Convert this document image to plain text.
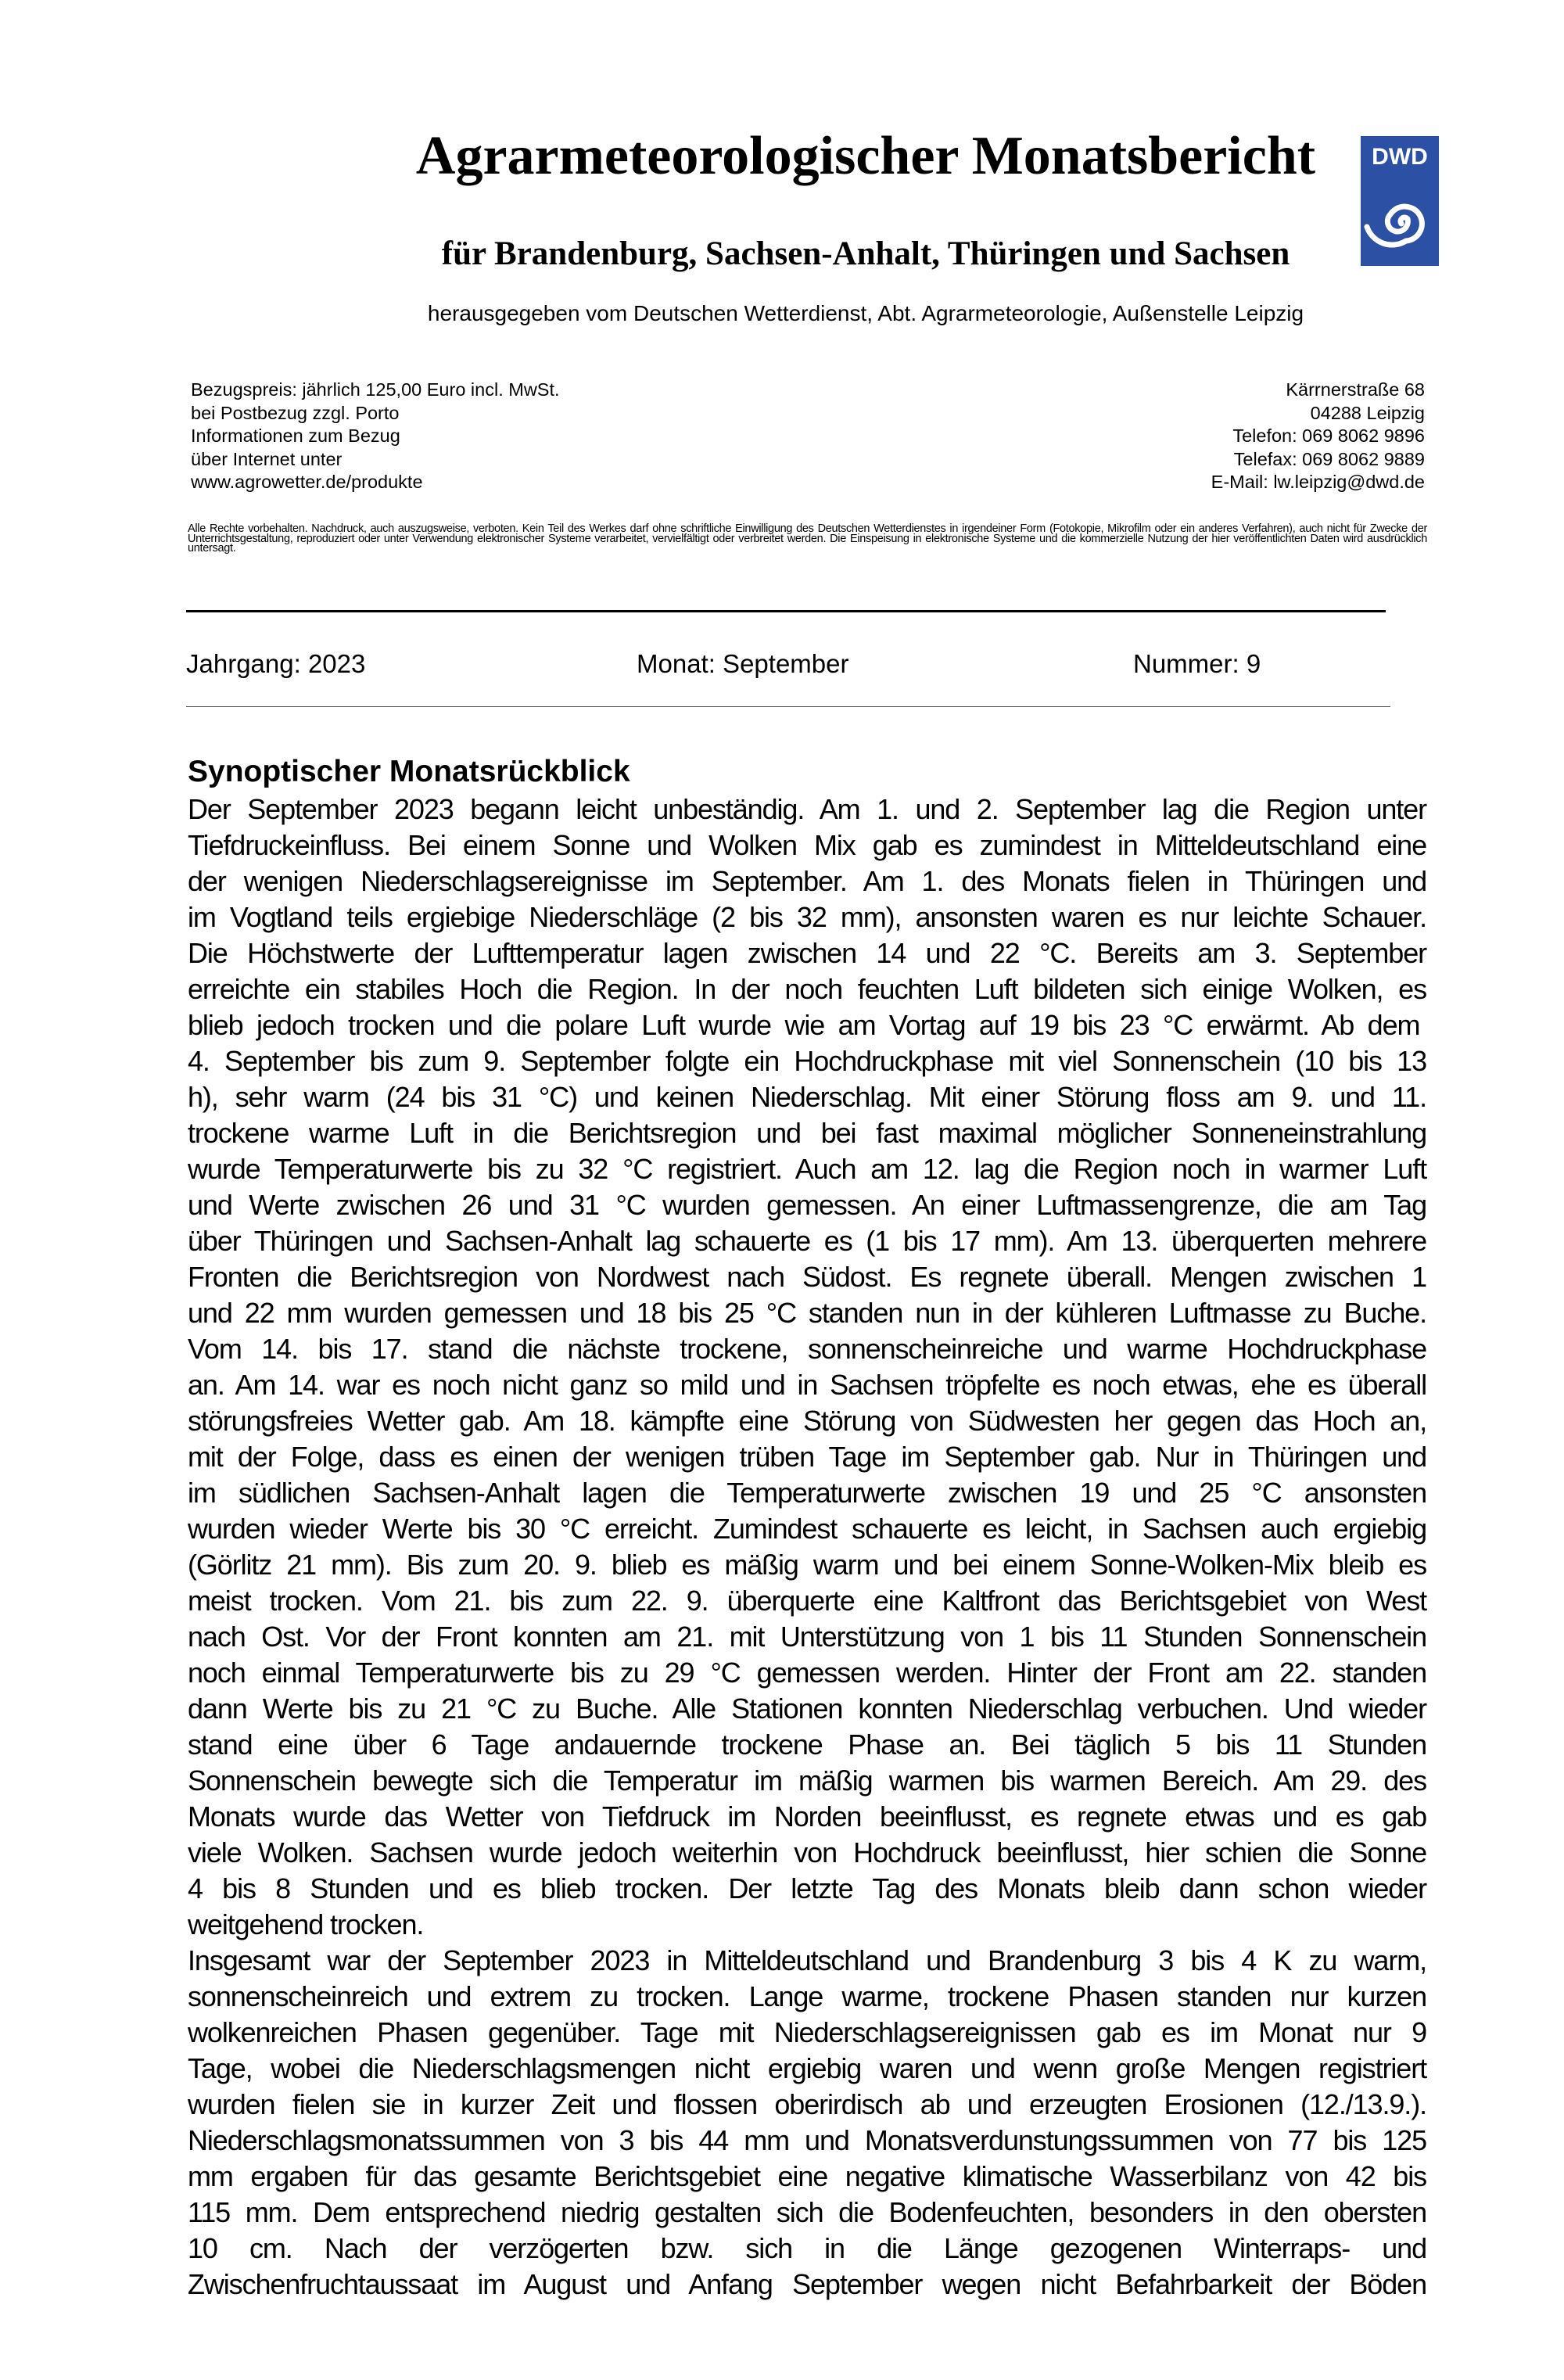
Agrarmeteorologischer Monatsbericht
für Brandenburg, Sachsen-Anhalt, Thüringen und Sachsen
herausgegeben vom Deutschen Wetterdienst, Abt. Agrarmeteorologie, Außenstelle Leipzig
DWD
Bezugspreis: jährlich 125,00 Euro incl. MwSt.
bei Postbezug zzgl. Porto
Informationen zum Bezug
über Internet unter
www.agrowetter.de/produkte
Kärrnerstraße 68
04288 Leipzig
Telefon: 069 8062 9896
Telefax: 069 8062 9889
E-Mail: lw.leipzig@dwd.de
Alle Rechte vorbehalten. Nachdruck, auch auszugsweise, verboten. Kein Teil des Werkes darf ohne schriftliche Einwilligung des Deutschen Wetterdienstes in irgendeiner Form (Fotokopie, Mikrofilm oder ein anderes Verfahren), auch nicht für Zwecke der Unterrichtsgestaltung, reproduziert oder unter Verwendung elektronischer Systeme verarbeitet, vervielfältigt oder verbreitet werden. Die Einspeisung in elektronische Systeme und die kommerzielle Nutzung der hier veröffentlichten Daten wird ausdrücklich untersagt.
Jahrgang: 2023	Monat: September	Nummer: 9
Synoptischer Monatsrückblick
Der September 2023 begann leicht unbeständig. Am 1. und 2. September lag die Region unter
Tiefdruckeinfluss. Bei einem Sonne und Wolken Mix gab es zumindest in Mitteldeutschland eine
der wenigen Niederschlagsereignisse im September. Am 1. des Monats fielen in Thüringen und
im Vogtland teils ergiebige Niederschläge (2 bis 32 mm), ansonsten waren es nur leichte Schauer.
Die Höchstwerte der Lufttemperatur lagen zwischen 14 und 22 °C. Bereits am 3. September
erreichte ein stabiles Hoch die Region. In der noch feuchten Luft bildeten sich einige Wolken, es
blieb jedoch trocken und die polare Luft wurde wie am Vortag auf 19 bis 23 °C erwärmt. Ab dem
4. September bis zum 9. September folgte ein Hochdruckphase mit viel Sonnenschein (10 bis 13
h), sehr warm (24 bis 31 °C) und keinen Niederschlag. Mit einer Störung floss am 9. und 11.
trockene warme Luft in die Berichtsregion und bei fast maximal möglicher Sonneneinstrahlung
wurde Temperaturwerte bis zu 32 °C registriert. Auch am 12. lag die Region noch in warmer Luft
und Werte zwischen 26 und 31 °C wurden gemessen. An einer Luftmassengrenze, die am Tag
über Thüringen und Sachsen-Anhalt lag schauerte es (1 bis 17 mm). Am 13. überquerten mehrere
Fronten die Berichtsregion von Nordwest nach Südost. Es regnete überall. Mengen zwischen 1
und 22 mm wurden gemessen und 18 bis 25 °C standen nun in der kühleren Luftmasse zu Buche.
Vom 14. bis 17. stand die nächste trockene, sonnenscheinreiche und warme Hochdruckphase
an. Am 14. war es noch nicht ganz so mild und in Sachsen tröpfelte es noch etwas, ehe es überall
störungsfreies Wetter gab. Am 18. kämpfte eine Störung von Südwesten her gegen das Hoch an,
mit der Folge, dass es einen der wenigen trüben Tage im September gab. Nur in Thüringen und
im südlichen Sachsen-Anhalt lagen die Temperaturwerte zwischen 19 und 25 °C ansonsten
wurden wieder Werte bis 30 °C erreicht. Zumindest schauerte es leicht, in Sachsen auch ergiebig
(Görlitz 21 mm). Bis zum 20. 9. blieb es mäßig warm und bei einem Sonne-Wolken-Mix bleib es
meist trocken. Vom 21. bis zum 22. 9. überquerte eine Kaltfront das Berichtsgebiet von West
nach Ost. Vor der Front konnten am 21. mit Unterstützung von 1 bis 11 Stunden Sonnenschein
noch einmal Temperaturwerte bis zu 29 °C gemessen werden. Hinter der Front am 22. standen
dann Werte bis zu 21 °C zu Buche. Alle Stationen konnten Niederschlag verbuchen. Und wieder
stand eine über 6 Tage andauernde trockene Phase an. Bei täglich 5 bis 11 Stunden
Sonnenschein bewegte sich die Temperatur im mäßig warmen bis warmen Bereich. Am 29. des
Monats wurde das Wetter von Tiefdruck im Norden beeinflusst, es regnete etwas und es gab
viele Wolken. Sachsen wurde jedoch weiterhin von Hochdruck beeinflusst, hier schien die Sonne
4 bis 8 Stunden und es blieb trocken. Der letzte Tag des Monats bleib dann schon wieder
weitgehend trocken.
Insgesamt war der September 2023 in Mitteldeutschland und Brandenburg 3 bis 4 K zu warm,
sonnenscheinreich und extrem zu trocken. Lange warme, trockene Phasen standen nur kurzen
wolkenreichen Phasen gegenüber. Tage mit Niederschlagsereignissen gab es im Monat nur 9
Tage, wobei die Niederschlagsmengen nicht ergiebig waren und wenn große Mengen registriert
wurden fielen sie in kurzer Zeit und flossen oberirdisch ab und erzeugten Erosionen (12./13.9.).
Niederschlagsmonatssummen von 3 bis 44 mm und Monatsverdunstungssummen von 77 bis 125
mm ergaben für das gesamte Berichtsgebiet eine negative klimatische Wasserbilanz von 42 bis
115 mm. Dem entsprechend niedrig gestalten sich die Bodenfeuchten, besonders in den obersten
10 cm. Nach der verzögerten bzw. sich in die Länge gezogenen Winterraps- und
Zwischenfruchtaussaat im August und Anfang September wegen nicht Befahrbarkeit der Böden
